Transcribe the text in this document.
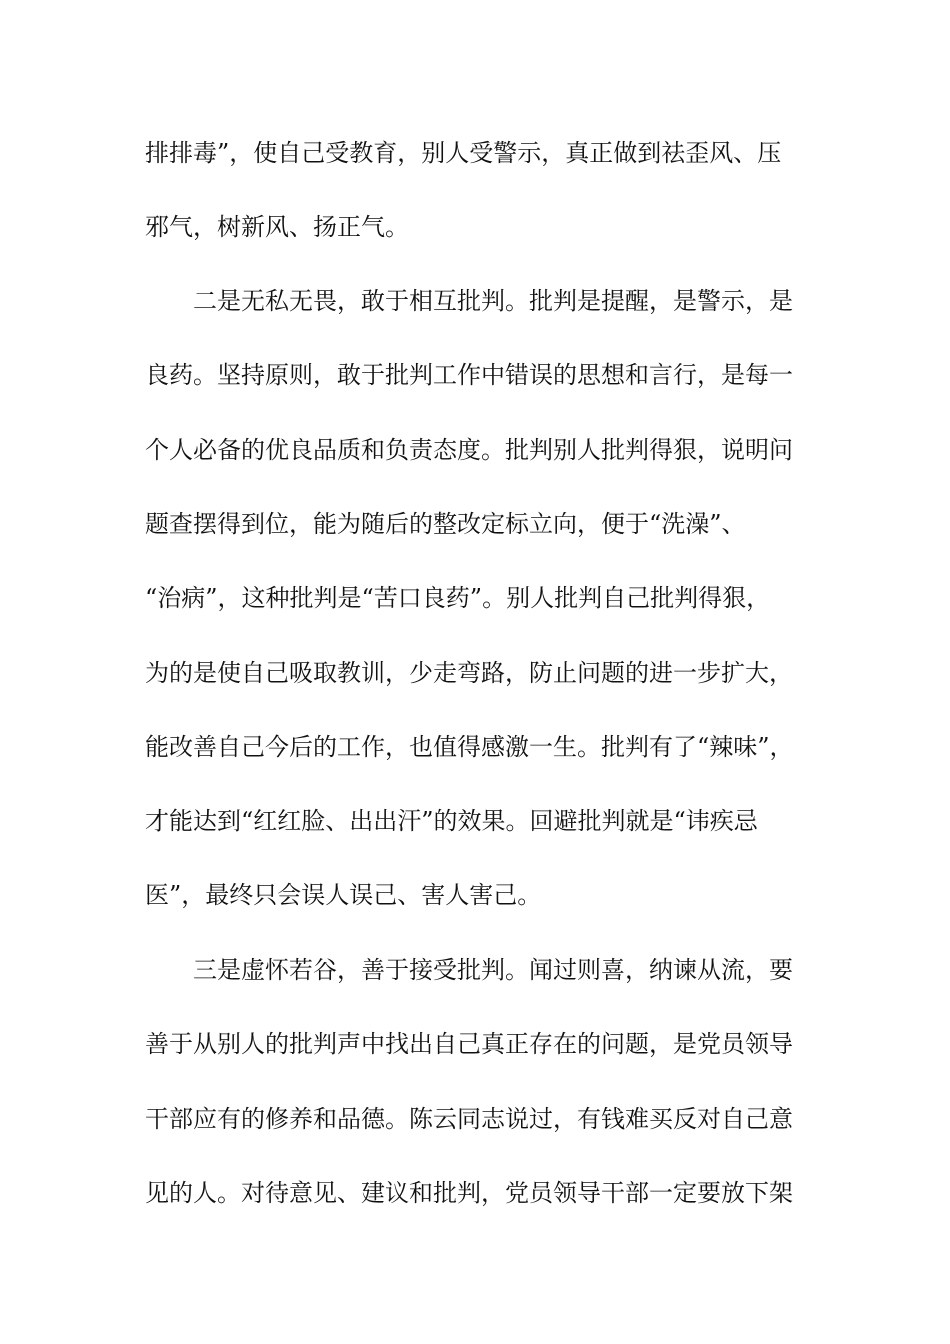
排排毒”，使自己受教育，别人受警示，真正做到祛歪风、压
邪气，树新风、扬正气。
　　二是无私无畏，敢于相互批判。批判是提醒，是警示，是
良药。坚持原则，敢于批判工作中错误的思想和言行，是每一
个人必备的优良品质和负责态度。批判别人批判得狠，说明问
题查摆得到位，能为随后的整改定标立向，便于“洗澡”、
“治病”，这种批判是“苦口良药”。别人批判自己批判得狠，
为的是使自己吸取教训，少走弯路，防止问题的进一步扩大，
能改善自己今后的工作，也值得感激一生。批判有了“辣味”，
才能达到“红红脸、出出汗”的效果。回避批判就是“讳疾忌
医”，最终只会误人误己、害人害己。
　　三是虚怀若谷，善于接受批判。闻过则喜，纳谏从流，要
善于从别人的批判声中找出自己真正存在的问题，是党员领导
干部应有的修养和品德。陈云同志说过，有钱难买反对自己意
见的人。对待意见、建议和批判，党员领导干部一定要放下架
